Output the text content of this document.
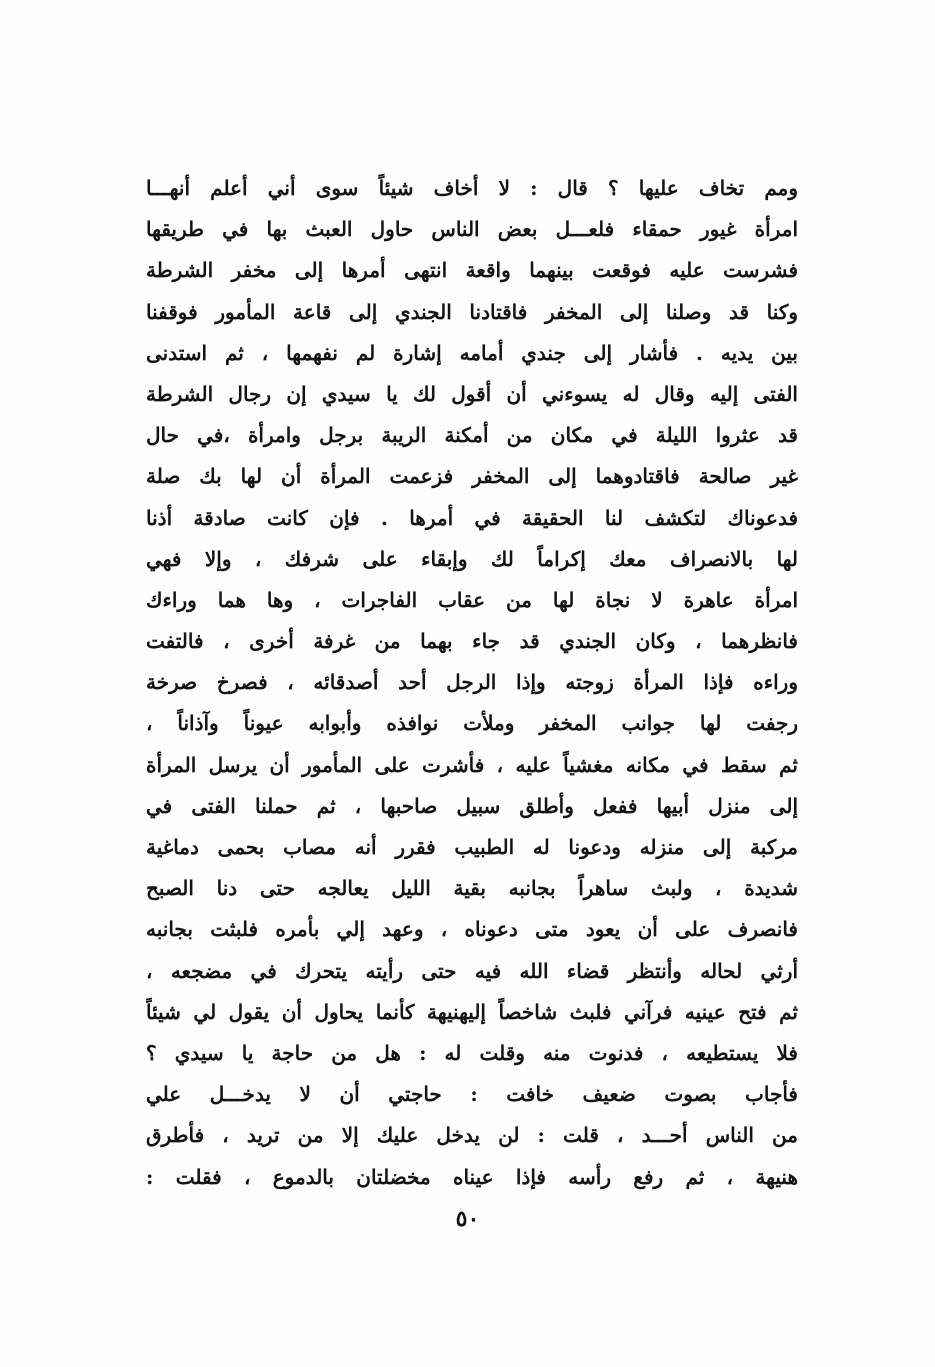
ومم تخاف عليها ؟ قال : لا أخاف شيئاً سوى أني أعلم أنهـــا
امرأة غيور حمقاء فلعـــل بعض الناس حاول العبث بها في طريقها
فشرست عليه فوقعت بينهما واقعة انتهى أمرها إلى مخفر الشرطة
وكنا قد وصلنا إلى المخفر فاقتادنا الجندي إلى قاعة المأمور فوقفنا
بين يديه . فأشار إلى جندي أمامه إشارة لم نفهمها ، ثم استدنى
الفتى إليه وقال له يسوءني أن أقول لك يا سيدي إن رجال الشرطة
قد عثروا الليلة في مكان من أمكنة الريبة برجل وامرأة ،في حال
غير صالحة فاقتادوهما إلى المخفر فزعمت المرأة أن لها بك صلة
فدعوناك لتكشف لنا الحقيقة في أمرها . فإن كانت صادقة أذنا
لها بالانصراف معك إكراماً لك وإبقاء على شرفك ، وإلا فهي
امرأة عاهرة لا نجاة لها من عقاب الفاجرات ، وها هما وراءك
فانظرهما ، وكان الجندي قد جاء بهما من غرفة أخرى ، فالتفت
وراءه فإذا المرأة زوجته وإذا الرجل أحد أصدقائه ، فصرخ صرخة
رجفت لها جوانب المخفر وملأت نوافذه وأبوابه عيوناً وآذاناً ،
ثم سقط في مكانه مغشياً عليه ، فأشرت على المأمور أن يرسل المرأة
إلى منزل أبيها ففعل وأطلق سبيل صاحبها ، ثم حملنا الفتى في
مركبة إلى منزله ودعونا له الطبيب فقرر أنه مصاب بحمى دماغية
شديدة ، ولبث ساهراً بجانبه بقية الليل يعالجه حتى دنا الصبح
فانصرف على أن يعود متى دعوناه ، وعهد إلي بأمره فلبثت بجانبه
أرثي لحاله وأنتظر قضاء الله فيه حتى رأيته يتحرك في مضجعه ،
ثم فتح عينيه فرآني فلبث شاخصاً إليهنيهة كأنما يحاول أن يقول لي شيئاً
فلا يستطيعه ، فدنوت منه وقلت له : هل من حاجة يا سيدي ؟
فأجاب بصوت ضعيف خافت : حاجتي أن لا يدخـــل علي
من الناس أحـــد ، قلت : لن يدخل عليك إلا من تريد ، فأطرق
هنيهة ، ثم رفع رأسه فإذا عيناه مخضلتان بالدموع ، فقلت :
٥٠
